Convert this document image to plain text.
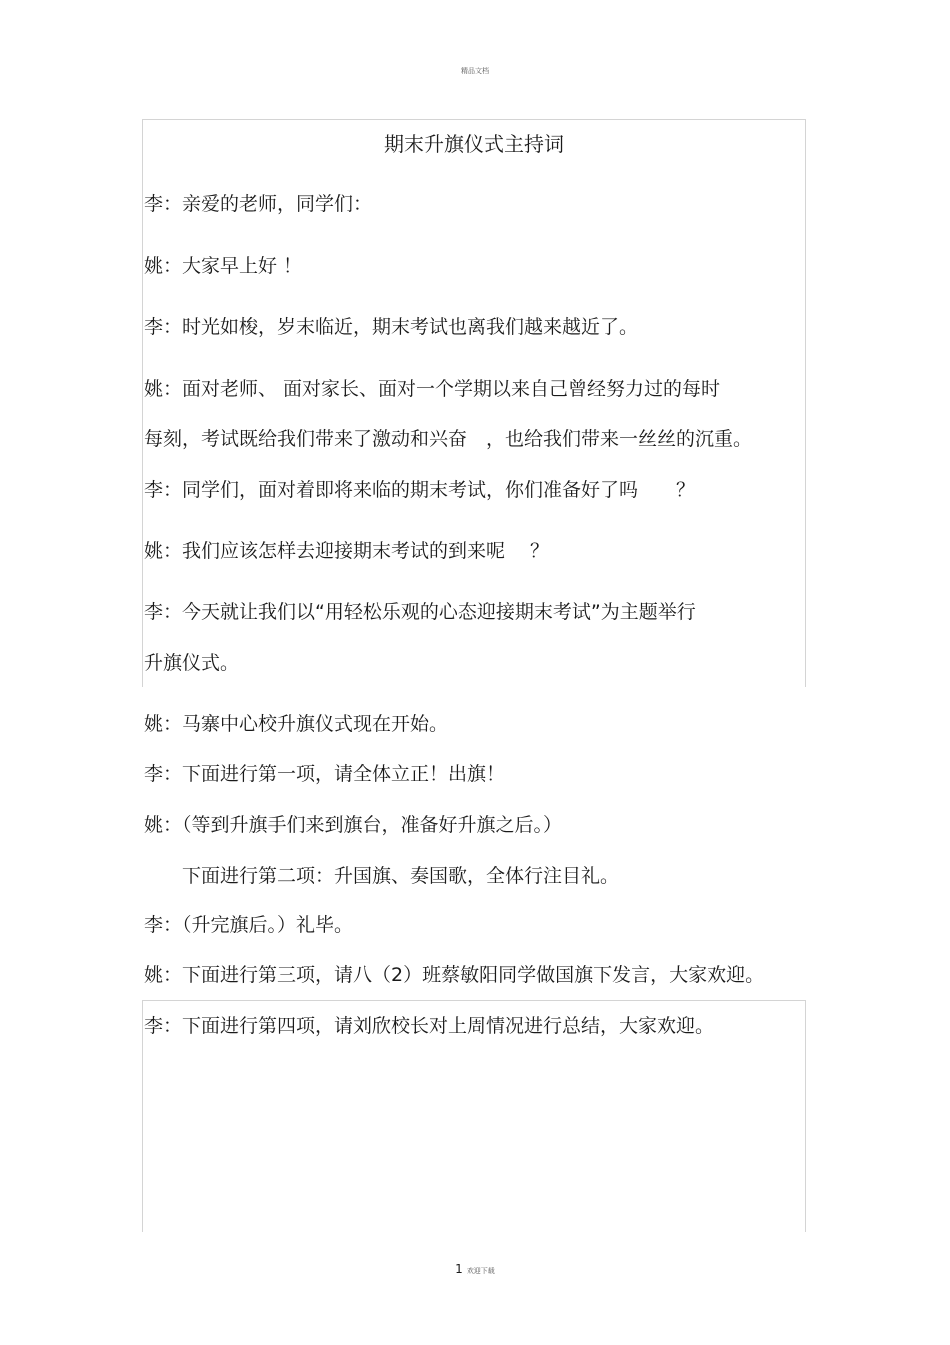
精品文档
期末升旗仪式主持词
李：亲爱的老师，同学们：
姚：大家早上好 ！
李：时光如梭，岁末临近，期末考试也离我们越来越近了。
姚：面对老师、 面对家长、面对一个学期以来自己曾经努力过的每时
每刻，考试既给我们带来了激动和兴奋　，也给我们带来一丝丝的沉重。
李：同学们，面对着即将来临的期末考试，你们准备好了吗　　？
姚：我们应该怎样去迎接期末考试的到来呢　 ？
李：今天就让我们以“用轻松乐观的心态迎接期末考试”为主题举行
升旗仪式。
姚：马寨中心校升旗仪式现在开始。
李：下面进行第一项，请全体立正！出旗！
姚：（等到升旗手们来到旗台，准备好升旗之后。）
　　下面进行第二项：升国旗、奏国歌，全体行注目礼。
李：（升完旗后。）礼毕。
姚：下面进行第三项，请八（2）班蔡敏阳同学做国旗下发言，大家欢迎。
李：下面进行第四项，请刘欣校长对上周情况进行总结，大家欢迎。
1 欢迎下载
